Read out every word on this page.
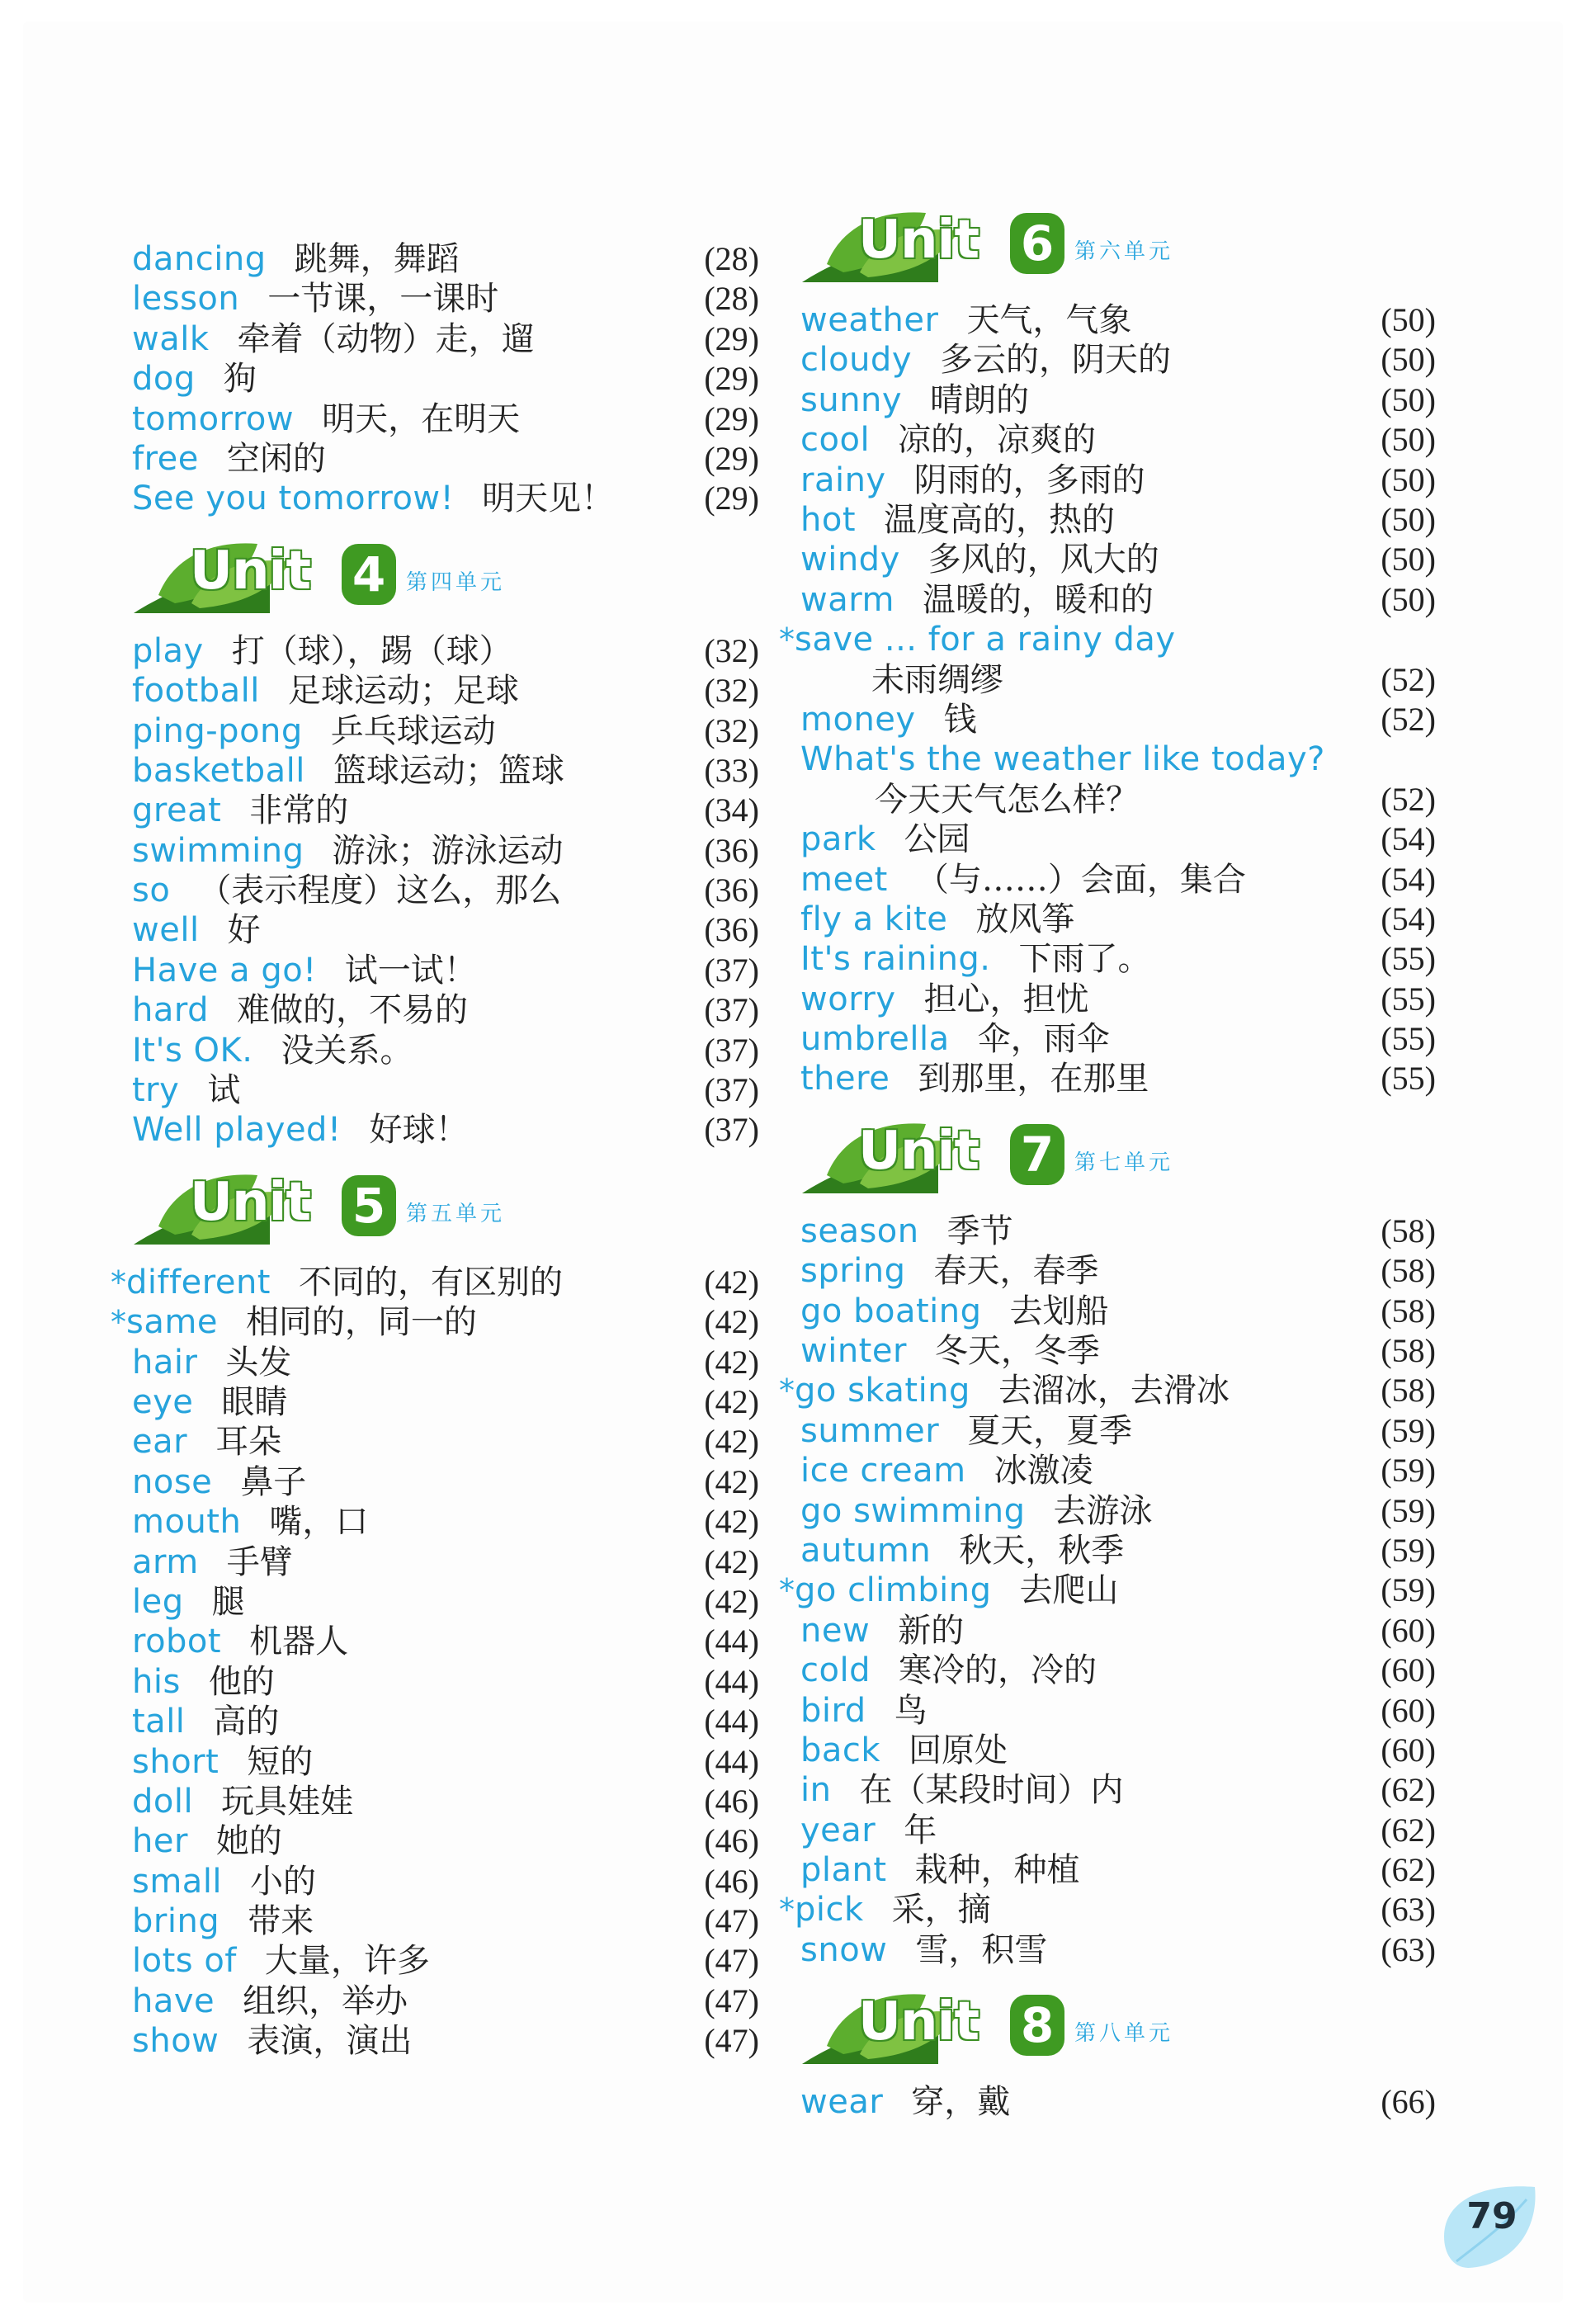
dancing 跳舞，舞蹈	(28)
lesson 一节课，一课时	(28)
walk 牵着（动物）走，遛	(29)
dog 狗	(29)
tomorrow 明天，在明天	(29)
free 空闲的	(29)
See you tomorrow! 明天见！	(29)
Unit 4 第四单元
play 打（球），踢（球）	(32)
football 足球运动；足球	(32)
ping-pong 乒乓球运动	(32)
basketball 篮球运动；篮球	(33)
great 非常的	(34)
swimming 游泳；游泳运动	(36)
so （表示程度）这么，那么	(36)
well 好	(36)
Have a go! 试一试！	(37)
hard 难做的，不易的	(37)
It's OK. 没关系。	(37)
try 试	(37)
Well played! 好球！	(37)
Unit 5 第五单元
*different 不同的，有区别的	(42)
*same 相同的，同一的	(42)
hair 头发	(42)
eye 眼睛	(42)
ear 耳朵	(42)
nose 鼻子	(42)
mouth 嘴，口	(42)
arm 手臂	(42)
leg 腿	(42)
robot 机器人	(44)
his 他的	(44)
tall 高的	(44)
short 短的	(44)
doll 玩具娃娃	(46)
her 她的	(46)
small 小的	(46)
bring 带来	(47)
lots of 大量，许多	(47)
have 组织，举办	(47)
show 表演，演出	(47)
Unit 6 第六单元
weather 天气，气象	(50)
cloudy 多云的，阴天的	(50)
sunny 晴朗的	(50)
cool 凉的，凉爽的	(50)
rainy 阴雨的，多雨的	(50)
hot 温度高的，热的	(50)
windy 多风的，风大的	(50)
warm 温暖的，暖和的	(50)
*save ... for a rainy day
未雨绸缪	(52)
money 钱	(52)
What's the weather like today?
今天天气怎么样？	(52)
park 公园	(54)
meet （与……）会面，集合	(54)
fly a kite 放风筝	(54)
It's raining. 下雨了。	(55)
worry 担心，担忧	(55)
umbrella 伞，雨伞	(55)
there 到那里，在那里	(55)
Unit 7 第七单元
season 季节	(58)
spring 春天，春季	(58)
go boating 去划船	(58)
winter 冬天，冬季	(58)
*go skating 去溜冰，去滑冰	(58)
summer 夏天，夏季	(59)
ice cream 冰激凌	(59)
go swimming 去游泳	(59)
autumn 秋天，秋季	(59)
*go climbing 去爬山	(59)
new 新的	(60)
cold 寒冷的，冷的	(60)
bird 鸟	(60)
back 回原处	(60)
in 在（某段时间）内	(62)
year 年	(62)
plant 栽种，种植	(62)
*pick 采，摘	(63)
snow 雪，积雪	(63)
Unit 8 第八单元
wear 穿，戴	(66)
79
